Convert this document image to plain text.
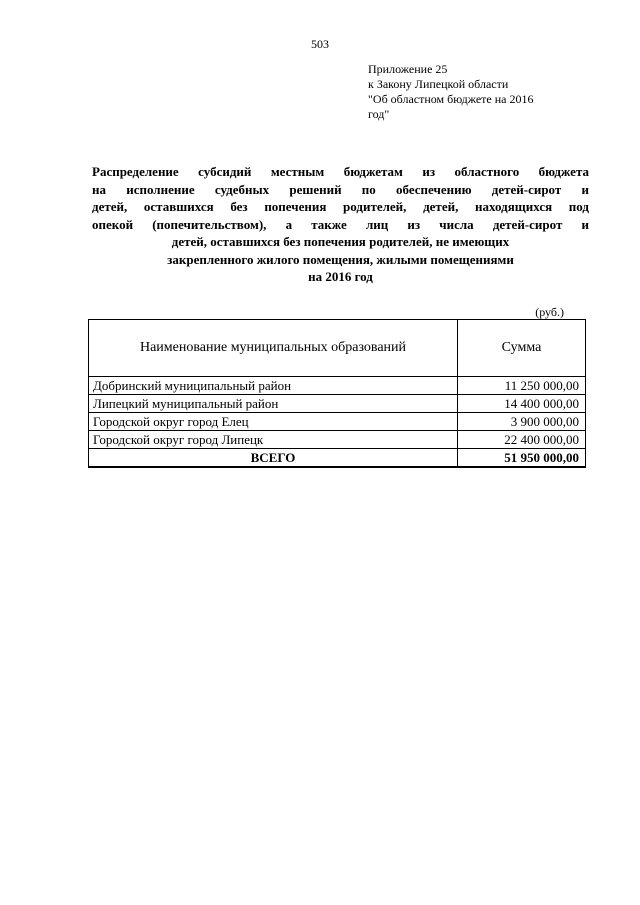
503
Приложение 25
к Закону Липецкой области
"Об областном бюджете на 2016
год"
Распределение субсидий местным бюджетам из областного бюджета
на исполнение судебных решений по обеспечению детей-сирот и
детей, оставшихся без попечения родителей, детей, находящихся под
опекой (попечительством), а также лиц из числа детей-сирот и
детей, оставшихся без попечения родителей, не имеющих
закрепленного жилого помещения, жилыми помещениями
на 2016 год
(руб.)
Наименование муниципальных образований	Сумма
Добринский муниципальный район	11 250 000,00
Липецкий муниципальный район	14 400 000,00
Городской округ город Елец	3 900 000,00
Городской округ город Липецк	22 400 000,00
ВСЕГО	51 950 000,00
